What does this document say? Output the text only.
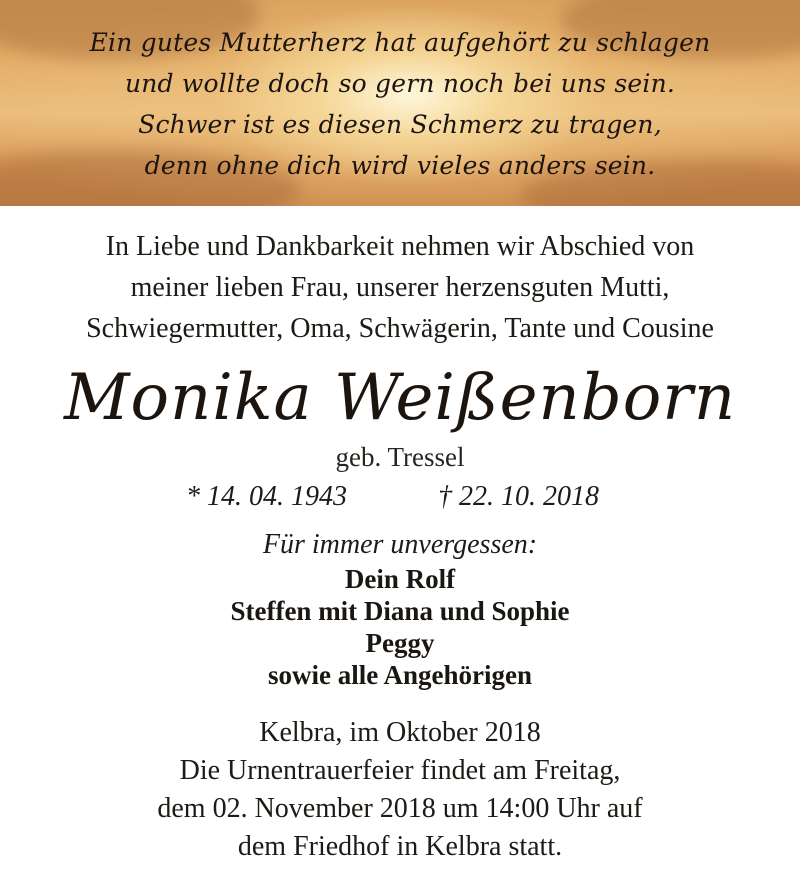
Ein gutes Mutterherz hat aufgehört zu schlagen
und wollte doch so gern noch bei uns sein.
Schwer ist es diesen Schmerz zu tragen,
denn ohne dich wird vieles anders sein.
In Liebe und Dankbarkeit nehmen wir Abschied von
meiner lieben Frau, unserer herzensguten Mutti,
Schwiegermutter, Oma, Schwägerin, Tante und Cousine
Monika Weißenborn
geb. Tressel
* 14. 04. 1943	† 22. 10. 2018
Für immer unvergessen:
Dein Rolf
Steffen mit Diana und Sophie
Peggy
sowie alle Angehörigen
Kelbra, im Oktober 2018
Die Urnentrauerfeier findet am Freitag,
dem 02. November 2018 um 14:00 Uhr auf
dem Friedhof in Kelbra statt.
